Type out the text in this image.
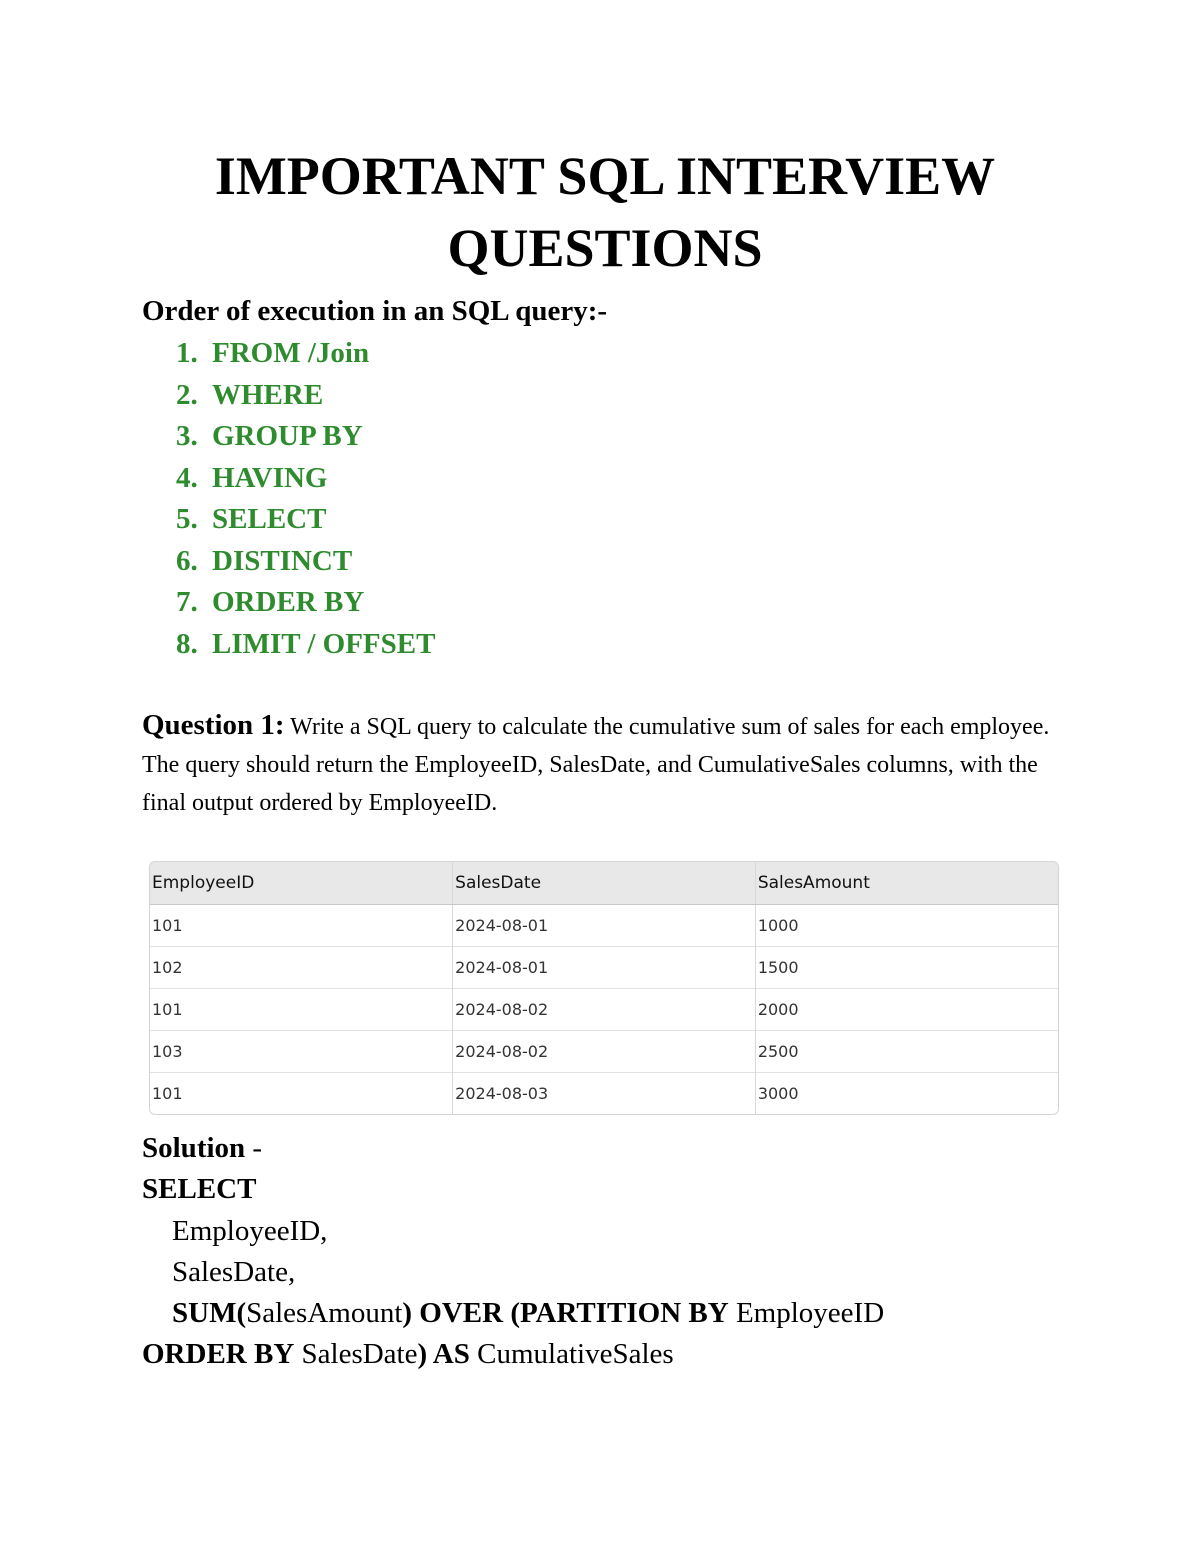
IMPORTANT SQL INTERVIEW
QUESTIONS

Order of execution in an SQL query:-

1. FROM /Join
2. WHERE
3. GROUP BY
4. HAVING
5. SELECT
6. DISTINCT
7. ORDER BY
8. LIMIT / OFFSET

Question 1: Write a SQL query to calculate the cumulative sum of sales for each employee. The query should return the EmployeeID, SalesDate, and CumulativeSales columns, with the final output ordered by EmployeeID.

EmployeeID	SalesDate	SalesAmount
101	2024-08-01	1000
102	2024-08-01	1500
101	2024-08-02	2000
103	2024-08-02	2500
101	2024-08-03	3000
Solution -
SELECT
EmployeeID,
SalesDate,
SUM(SalesAmount) OVER (PARTITION BY EmployeeID
ORDER BY SalesDate) AS CumulativeSales
